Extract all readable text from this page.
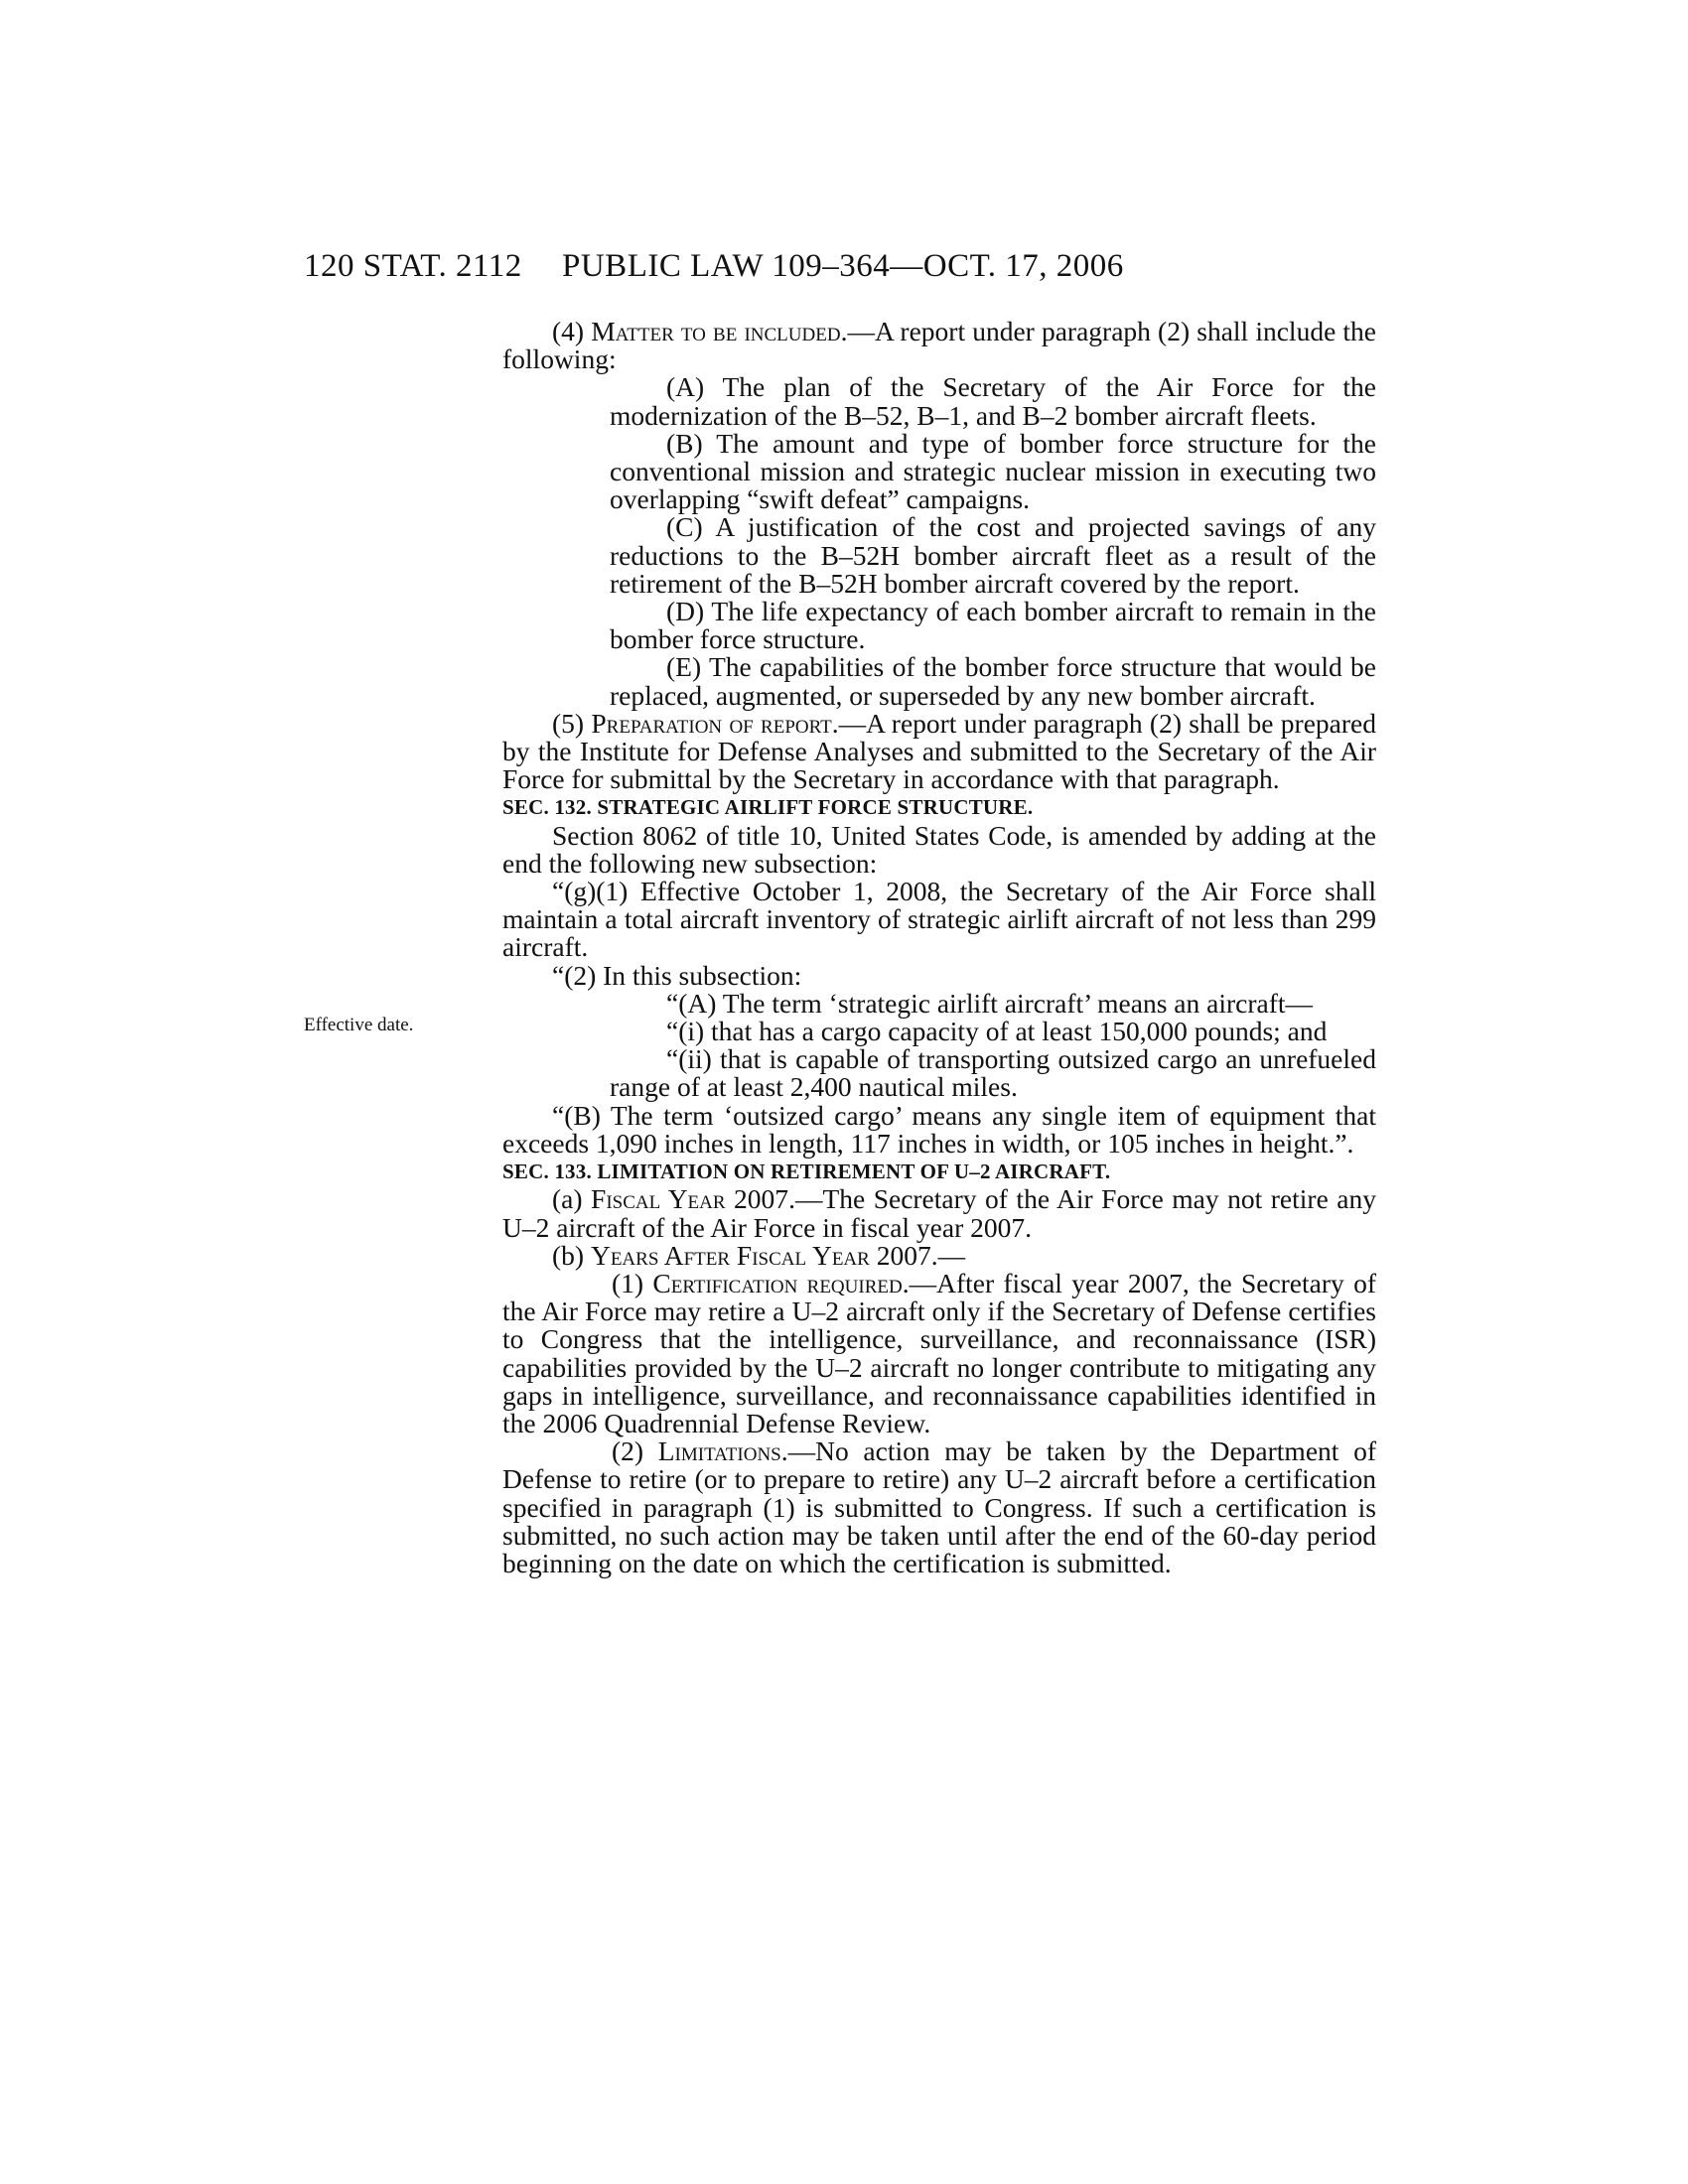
120 STAT. 2112 PUBLIC LAW 109–364—OCT. 17, 2006
Effective date.

(4) Matter to be included.—A report under paragraph (2) shall include the following:

(A) The plan of the Secretary of the Air Force for the modernization of the B–52, B–1, and B–2 bomber aircraft fleets.

(B) The amount and type of bomber force structure for the conventional mission and strategic nuclear mission in executing two overlapping “swift defeat” campaigns.

(C) A justification of the cost and projected savings of any reductions to the B–52H bomber aircraft fleet as a result of the retirement of the B–52H bomber aircraft covered by the report.

(D) The life expectancy of each bomber aircraft to remain in the bomber force structure.

(E) The capabilities of the bomber force structure that would be replaced, augmented, or superseded by any new bomber aircraft.

(5) Preparation of report.—A report under paragraph (2) shall be prepared by the Institute for Defense Analyses and submitted to the Secretary of the Air Force for submittal by the Secretary in accordance with that paragraph.

SEC. 132. STRATEGIC AIRLIFT FORCE STRUCTURE.

Section 8062 of title 10, United States Code, is amended by adding at the end the following new subsection:

“(g)(1) Effective October 1, 2008, the Secretary of the Air Force shall maintain a total aircraft inventory of strategic airlift aircraft of not less than 299 aircraft.

“(2) In this subsection:

“(A) The term ‘strategic airlift aircraft’ means an aircraft—

“(i) that has a cargo capacity of at least 150,000 pounds; and

“(ii) that is capable of transporting outsized cargo an unrefueled range of at least 2,400 nautical miles.

“(B) The term ‘outsized cargo’ means any single item of equipment that exceeds 1,090 inches in length, 117 inches in width, or 105 inches in height.”.

SEC. 133. LIMITATION ON RETIREMENT OF U–2 AIRCRAFT.

(a) Fiscal Year 2007.—The Secretary of the Air Force may not retire any U–2 aircraft of the Air Force in fiscal year 2007.

(b) Years After Fiscal Year 2007.—

(1) Certification required.—After fiscal year 2007, the Secretary of the Air Force may retire a U–2 aircraft only if the Secretary of Defense certifies to Congress that the intelligence, surveillance, and reconnaissance (ISR) capabilities provided by the U–2 aircraft no longer contribute to mitigating any gaps in intelligence, surveillance, and reconnaissance capabilities identified in the 2006 Quadrennial Defense Review.

(2) Limitations.—No action may be taken by the Department of Defense to retire (or to prepare to retire) any U–2 aircraft before a certification specified in paragraph (1) is submitted to Congress. If such a certification is submitted, no such action may be taken until after the end of the 60-day period beginning on the date on which the certification is submitted.
